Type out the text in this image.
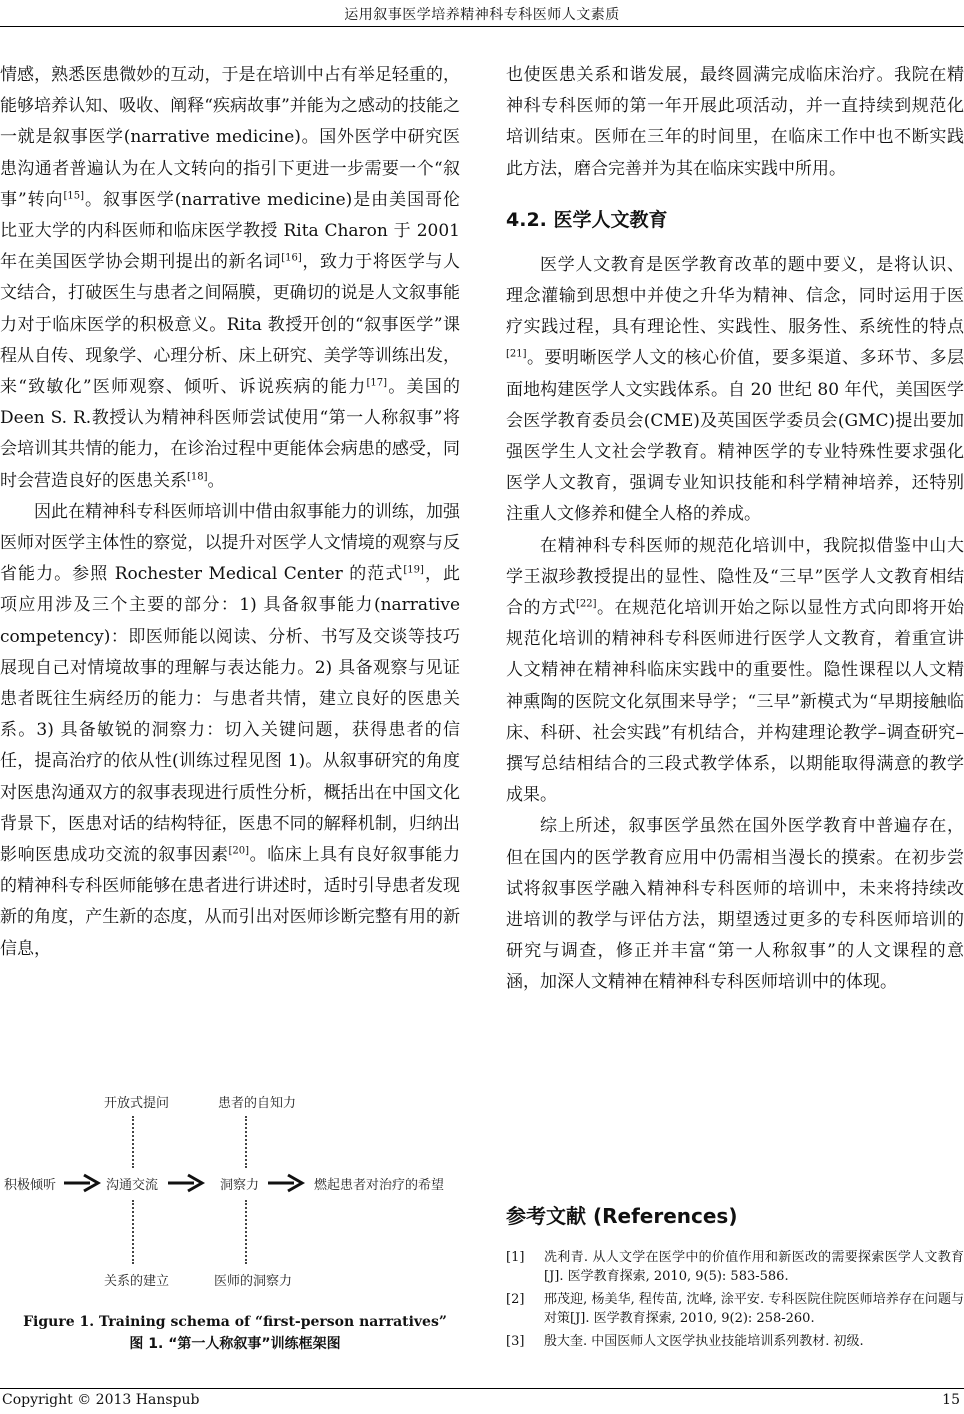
运用叙事医学培养精神科专科医师人文素质

情感，熟悉医患微妙的互动，于是在培训中占有举足轻重的，能够培养认知、吸收、阐释“疾病故事”并能为之感动的技能之一就是叙事医学(narrative medicine)。国外医学中研究医患沟通者普遍认为在人文转向的指引下更进一步需要一个“叙事”转向[15]。叙事医学(narrative medicine)是由美国哥伦比亚大学的内科医师和临床医学教授 Rita Charon 于 2001 年在美国医学协会期刊提出的新名词[16]，致力于将医学与人文结合，打破医生与患者之间隔膜，更确切的说是人文叙事能力对于临床医学的积极意义。Rita 教授开创的“叙事医学”课程从自传、现象学、心理分析、床上研究、美学等训练出发，来“致敏化”医师观察、倾听、诉说疾病的能力[17]。美国的 Deen S. R.教授认为精神科医师尝试使用“第一人称叙事”将会培训其共情的能力，在诊治过程中更能体会病患的感受，同时会营造良好的医患关系[18]。

因此在精神科专科医师培训中借由叙事能力的训练，加强医师对医学主体性的察觉，以提升对医学人文情境的观察与反省能力。参照 Rochester Medical Center 的范式[19]，此项应用涉及三个主要的部分：1) 具备叙事能力(narrative competency)：即医师能以阅读、分析、书写及交谈等技巧展现自己对情境故事的理解与表达能力。2) 具备观察与见证患者既往生病经历的能力：与患者共情，建立良好的医患关系。3) 具备敏锐的洞察力：切入关键问题，获得患者的信任，提高治疗的依从性(训练过程见图 1)。从叙事研究的角度对医患沟通双方的叙事表现进行质性分析，概括出在中国文化背景下，医患对话的结构特征，医患不同的解释机制，归纳出影响医患成功交流的叙事因素[20]。临床上具有良好叙事能力的精神科专科医师能够在患者进行讲述时，适时引导患者发现新的角度，产生新的态度，从而引出对医师诊断完整有用的新信息，

开放式提问	患者的自知力
积极倾听	沟通交流	洞察力	燃起患者对治疗的希望
关系的建立	医师的洞察力
Figure 1. Training schema of “first-person narratives”
图 1. “第一人称叙事”训练框架图

也使医患关系和谐发展，最终圆满完成临床治疗。我院在精神科专科医师的第一年开展此项活动，并一直持续到规范化培训结束。医师在三年的时间里，在临床工作中也不断实践此方法，磨合完善并为其在临床实践中所用。

4.2. 医学人文教育

医学人文教育是医学教育改革的题中要义，是将认识、理念灌输到思想中并使之升华为精神、信念，同时运用于医疗实践过程，具有理论性、实践性、服务性、系统性的特点[21]。要明晰医学人文的核心价值，要多渠道、多环节、多层面地构建医学人文实践体系。自 20 世纪 80 年代，美国医学会医学教育委员会(CME)及英国医学委员会(GMC)提出要加强医学生人文社会学教育。精神医学的专业特殊性要求强化医学人文教育，强调专业知识技能和科学精神培养，还特别注重人文修养和健全人格的养成。

在精神科专科医师的规范化培训中，我院拟借鉴中山大学王淑珍教授提出的显性、隐性及“三早”医学人文教育相结合的方式[22]。在规范化培训开始之际以显性方式向即将开始规范化培训的精神科专科医师进行医学人文教育，着重宣讲人文精神在精神科临床实践中的重要性。隐性课程以人文精神熏陶的医院文化氛围来导学；“三早”新模式为“早期接触临床、科研、社会实践”有机结合，并构建理论教学–调查研究–撰写总结相结合的三段式教学体系，以期能取得满意的教学成果。

综上所述，叙事医学虽然在国外医学教育中普遍存在，但在国内的医学教育应用中仍需相当漫长的摸索。在初步尝试将叙事医学融入精神科专科医师的培训中，未来将持续改进培训的教学与评估方法，期望透过更多的专科医师培训的研究与调查，修正并丰富“第一人称叙事”的人文课程的意涵，加深人文精神在精神科专科医师培训中的体现。

参考文献 (References)
[1] 冼利青. 从人文学在医学中的价值作用和新医改的需要探索医学人文教育[J]. 医学教育探索, 2010, 9(5): 583-586.
[2] 邢茂迎, 杨美华, 程传苗, 沈峰, 涂平安. 专科医院住院医师培养存在问题与对策[J]. 医学教育探索, 2010, 9(2): 258-260.
[3] 殷大奎. 中国医师人文医学执业技能培训系列教材. 初级.
Copyright © 2013 Hanspub	15
